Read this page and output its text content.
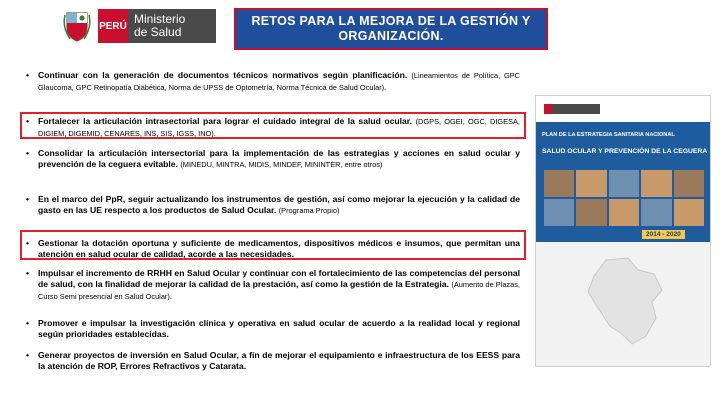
PERÚ Ministerio
de Salud
RETOS PARA LA MEJORA DE LA GESTIÓN Y ORGANIZACIÓN.
• Continuar con la generación de documentos técnicos normativos según planificación. (Lineamientos de Política, GPC Glaucoma, GPC Retinopatía Diabética, Norma de UPSS de Optometría, Norma Técnica de Salud Ocular).
• Fortalecer la articulación intrasectorial para lograr el cuidado integral de la salud ocular. (DGPS, OGEI, OGC, DIGESA, DIGIEM, DIGEMID, CENARES, INS, SIS, IGSS, INO).
• Consolidar la articulación intersectorial para la implementación de las estrategias y acciones en salud ocular y prevención de la ceguera evitable. (MINEDU, MINTRA, MIDIS, MINDEF, MININTER, entre otros)
• En el marco del PpR, seguir actualizando los instrumentos de gestión, así como mejorar la ejecución y la calidad de gasto en las UE respecto a los productos de Salud Ocular. (Programa Propio)
• Gestionar la dotación oportuna y suficiente de medicamentos, dispositivos médicos e insumos, que permitan una atención en salud ocular de calidad, acorde a las necesidades.
• Impulsar el incremento de RRHH en Salud Ocular y continuar con el fortalecimiento de las competencias del personal de salud, con la finalidad de mejorar la calidad de la prestación, así como la gestión de la Estrategia. (Aumento de Plazas, Curso Semi presencial en Salud Ocular).
• Promover e impulsar la investigación clínica y operativa en salud ocular de acuerdo a la realidad local y regional según prioridades establecidas.
• Generar proyectos de inversión en Salud Ocular, a fin de mejorar el equipamiento e infraestructura de los EESS para la atención de ROP, Errores Refractivos y Catarata.
PLAN DE LA ESTRATEGIA SANITARIA NACIONAL
SALUD OCULAR Y PREVENCIÓN DE LA CEGUERA
2014 - 2020
